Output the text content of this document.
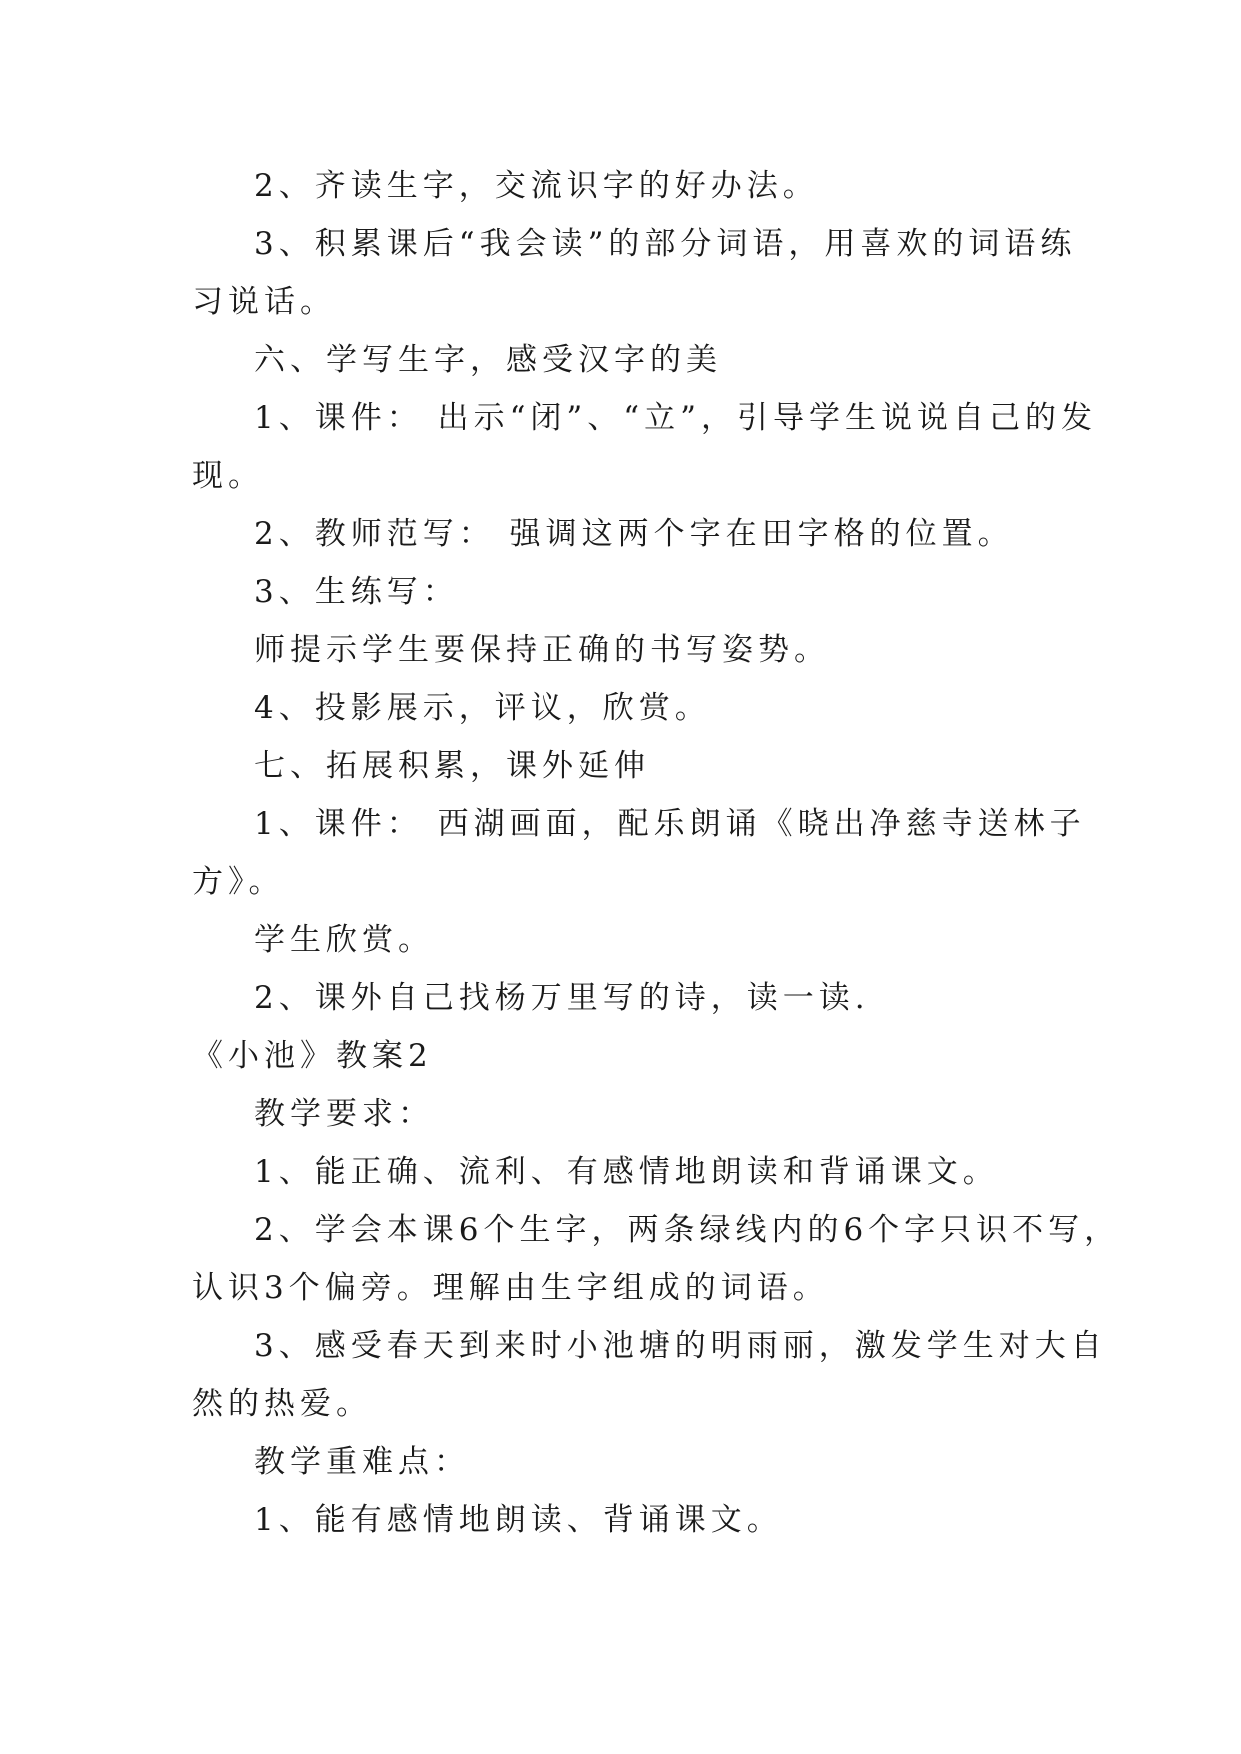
2、齐读生字，交流识字的好办法。
3、积累课后“我会读”的部分词语，用喜欢的词语练
习说话。
六、学写生字，感受汉字的美
1、课件： 出示“闭”、“立”，引导学生说说自己的发
现。
2、教师范写： 强调这两个字在田字格的位置。
3、生练写：
师提示学生要保持正确的书写姿势。
4、投影展示，评议，欣赏。
七、拓展积累，课外延伸
1、课件： 西湖画面，配乐朗诵《晓出净慈寺送林子
方》。
学生欣赏。
2、课外自己找杨万里写的诗，读一读.
《小池》教案2
教学要求：
1、能正确、流利、有感情地朗读和背诵课文。
2、学会本课6个生字，两条绿线内的6个字只识不写，
认识3个偏旁。理解由生字组成的词语。
3、感受春天到来时小池塘的明雨丽，激发学生对大自
然的热爱。
教学重难点：
1、能有感情地朗读、背诵课文。
